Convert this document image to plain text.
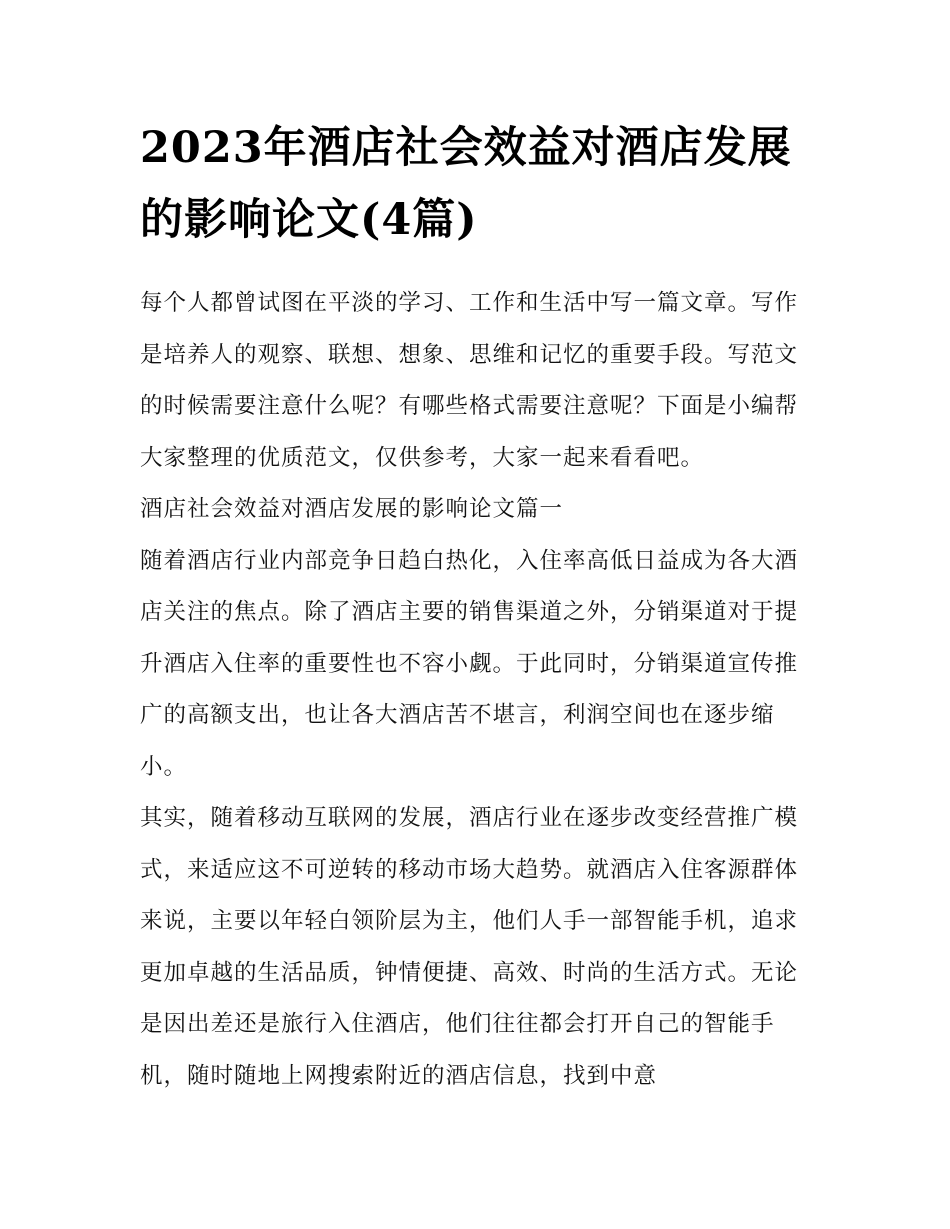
2023年酒店社会效益对酒店发展的影响论文(4篇)

每个人都曾试图在平淡的学习、工作和生活中写一篇文章。写作是培养人的观察、联想、想象、思维和记忆的重要手段。写范文的时候需要注意什么呢？有哪些格式需要注意呢？下面是小编帮大家整理的优质范文，仅供参考，大家一起来看看吧。

酒店社会效益对酒店发展的影响论文篇一

随着酒店行业内部竞争日趋白热化，入住率高低日益成为各大酒店关注的焦点。除了酒店主要的销售渠道之外，分销渠道对于提升酒店入住率的重要性也不容小觑。于此同时，分销渠道宣传推广的高额支出，也让各大酒店苦不堪言，利润空间也在逐步缩小。

其实，随着移动互联网的发展，酒店行业在逐步改变经营推广模式，来适应这不可逆转的移动市场大趋势。就酒店入住客源群体来说，主要以年轻白领阶层为主，他们人手一部智能手机，追求更加卓越的生活品质，钟情便捷、高效、时尚的生活方式。无论是因出差还是旅行入住酒店，他们往往都会打开自己的智能手机，随时随地上网搜索附近的酒店信息，找到中意
